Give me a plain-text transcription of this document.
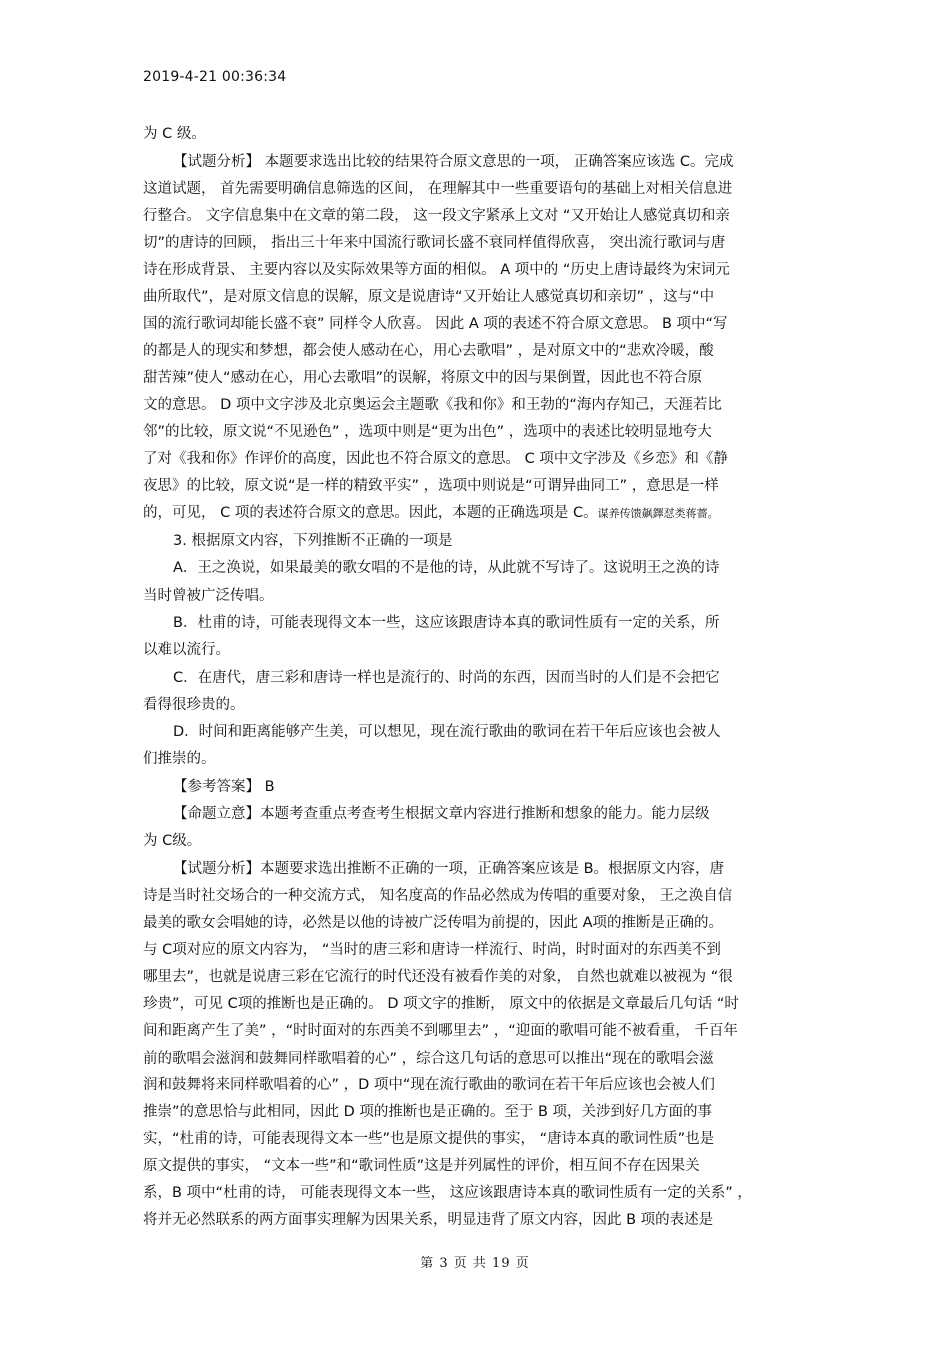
2019-4-21 00:36:34
为 C 级。
【试题分析】 本题要求选出比较的结果符合原文意思的一项， 正确答案应该选 C。完成
这道试题， 首先需要明确信息筛选的区间， 在理解其中一些重要语句的基础上对相关信息进
行整合。 文字信息集中在文章的第二段， 这一段文字紧承上文对 “又开始让人感觉真切和亲
切”的唐诗的回顾， 指出三十年来中国流行歌词长盛不衰同样值得欣喜， 突出流行歌词与唐
诗在形成背景、 主要内容以及实际效果等方面的相似。 A 项中的 “历史上唐诗最终为宋词元
曲所取代”，是对原文信息的误解，原文是说唐诗“又开始让人感觉真切和亲切” ，这与“中
国的流行歌词却能长盛不衰” 同样令人欣喜。 因此 A 项的表述不符合原文意思。 B 项中“写
的都是人的现实和梦想，都会使人感动在心，用心去歌唱” ，是对原文中的“悲欢冷暖，酸
甜苦辣”使人“感动在心，用心去歌唱”的误解，将原文中的因与果倒置，因此也不符合原
文的意思。 D 项中文字涉及北京奥运会主题歌《我和你》和王勃的“海内存知己，天涯若比
邻”的比较，原文说“不见逊色” ，选项中则是“更为出色” ，选项中的表述比较明显地夸大
了对《我和你》作评价的高度，因此也不符合原文的意思。 C 项中文字涉及《乡恋》和《静
夜思》的比较，原文说“是一样的精致平实” ，选项中则说是“可谓异曲同工” ，意思是一样
的，可见， C 项的表述符合原文的意思。因此，本题的正确选项是 C。谋养传馈飙鐸怼类蒋薔。
3. 根据原文内容，下列推断不正确的一项是
A．王之涣说，如果最美的歌女唱的不是他的诗，从此就不写诗了。这说明王之涣的诗
当时曾被广泛传唱。
B．杜甫的诗，可能表现得文本一些，这应该跟唐诗本真的歌词性质有一定的关系，所
以难以流行。
C．在唐代，唐三彩和唐诗一样也是流行的、时尚的东西，因而当时的人们是不会把它
看得很珍贵的。
D．时间和距离能够产生美，可以想见，现在流行歌曲的歌词在若干年后应该也会被人
们推崇的。
【参考答案】 B
【命题立意】本题考查重点考查考生根据文章内容进行推断和想象的能力。能力层级
为 C级。
【试题分析】本题要求选出推断不正确的一项，正确答案应该是 B。根据原文内容，唐
诗是当时社交场合的一种交流方式， 知名度高的作品必然成为传唱的重要对象， 王之涣自信
最美的歌女会唱她的诗，必然是以他的诗被广泛传唱为前提的，因此 A项的推断是正确的。
与 C项对应的原文内容为， “当时的唐三彩和唐诗一样流行、时尚，时时面对的东西美不到
哪里去”，也就是说唐三彩在它流行的时代还没有被看作美的对象， 自然也就难以被视为 “很
珍贵”，可见 C项的推断也是正确的。 D 项文字的推断， 原文中的依据是文章最后几句话 “时
间和距离产生了美” ，“时时面对的东西美不到哪里去” ，“迎面的歌唱可能不被看重， 千百年
前的歌唱会滋润和鼓舞同样歌唱着的心” ，综合这几句话的意思可以推出“现在的歌唱会滋
润和鼓舞将来同样歌唱着的心” ，D 项中“现在流行歌曲的歌词在若干年后应该也会被人们
推崇”的意思恰与此相同，因此 D 项的推断也是正确的。至于 B 项，关涉到好几方面的事
实，“杜甫的诗，可能表现得文本一些”也是原文提供的事实， “唐诗本真的歌词性质”也是
原文提供的事实， “文本一些”和“歌词性质”这是并列属性的评价，相互间不存在因果关
系，B 项中“杜甫的诗， 可能表现得文本一些， 这应该跟唐诗本真的歌词性质有一定的关系” ，
将并无必然联系的两方面事实理解为因果关系，明显违背了原文内容，因此 B 项的表述是
第 3 页 共 19 页
